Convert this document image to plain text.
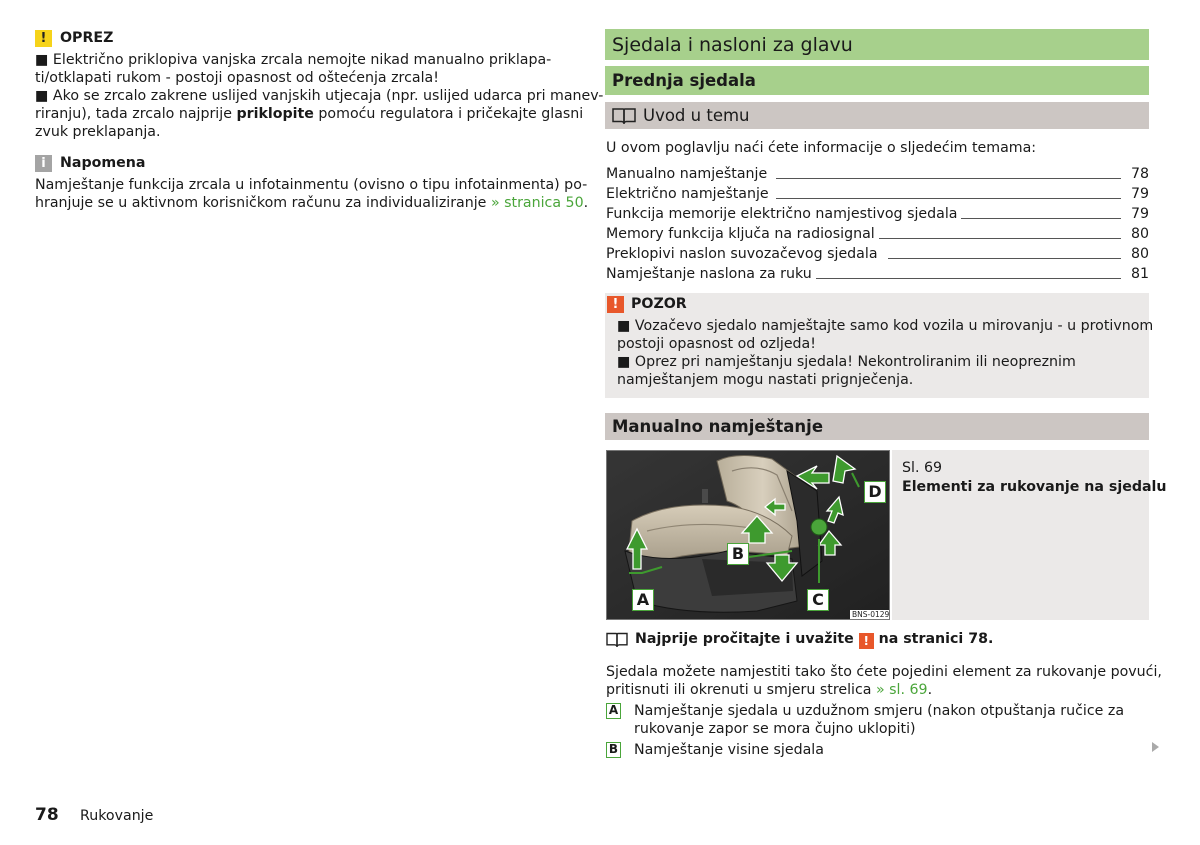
! OPREZ
■ Električno priklopiva vanjska zrcala nemojte nikad manualno priklapa-
ti/otklapati rukom - postoji opasnost od oštećenja zrcala!
■ Ako se zrcalo zakrene uslijed vanjskih utjecaja (npr. uslijed udarca pri manev-
riranju), tada zrcalo najprije priklopite pomoću regulatora i pričekajte glasni
zvuk preklapanja.
i	Napomena
Namještanje funkcija zrcala u infotainmentu (ovisno o tipu infotainmenta) po-
hranjuje se u aktivnom korisničkom računu za individualiziranje » stranica 50.
Sjedala i nasloni za glavu
Prednja sjedala
Uvod u temu
U ovom poglavlju naći ćete informacije o sljedećim temama:
Manualno namještanje	78
Električno namještanje	79
Funkcija memorije električno namjestivog sjedala	79
Memory funkcija ključa na radiosignal	80
Preklopivi naslon suvozačevog sjedala	80
Namještanje naslona za ruku	81
! POZOR
■ Vozačevo sjedalo namještajte samo kod vozila u mirovanju - u protivnom
postoji opasnost od ozljeda!
■ Oprez pri namještanju sjedala! Nekontroliranim ili neopreznim
namještanjem mogu nastati prignječenja.
Manualno namještanje
A
B
C
D
BNS-0129
Sl. 69
Elementi za rukovanje na sjedalu
Najprije pročitajte i uvažite ! na stranici 78.
Sjedala možete namjestiti tako što ćete pojedini element za rukovanje povući,
pritisnuti ili okrenuti u smjeru strelica » sl. 69.
A Namještanje sjedala u uzdužnom smjeru (nakon otpuštanja ručice za
rukovanje zapor se mora čujno uklopiti)
B Namještanje visine sjedala
78 Rukovanje
